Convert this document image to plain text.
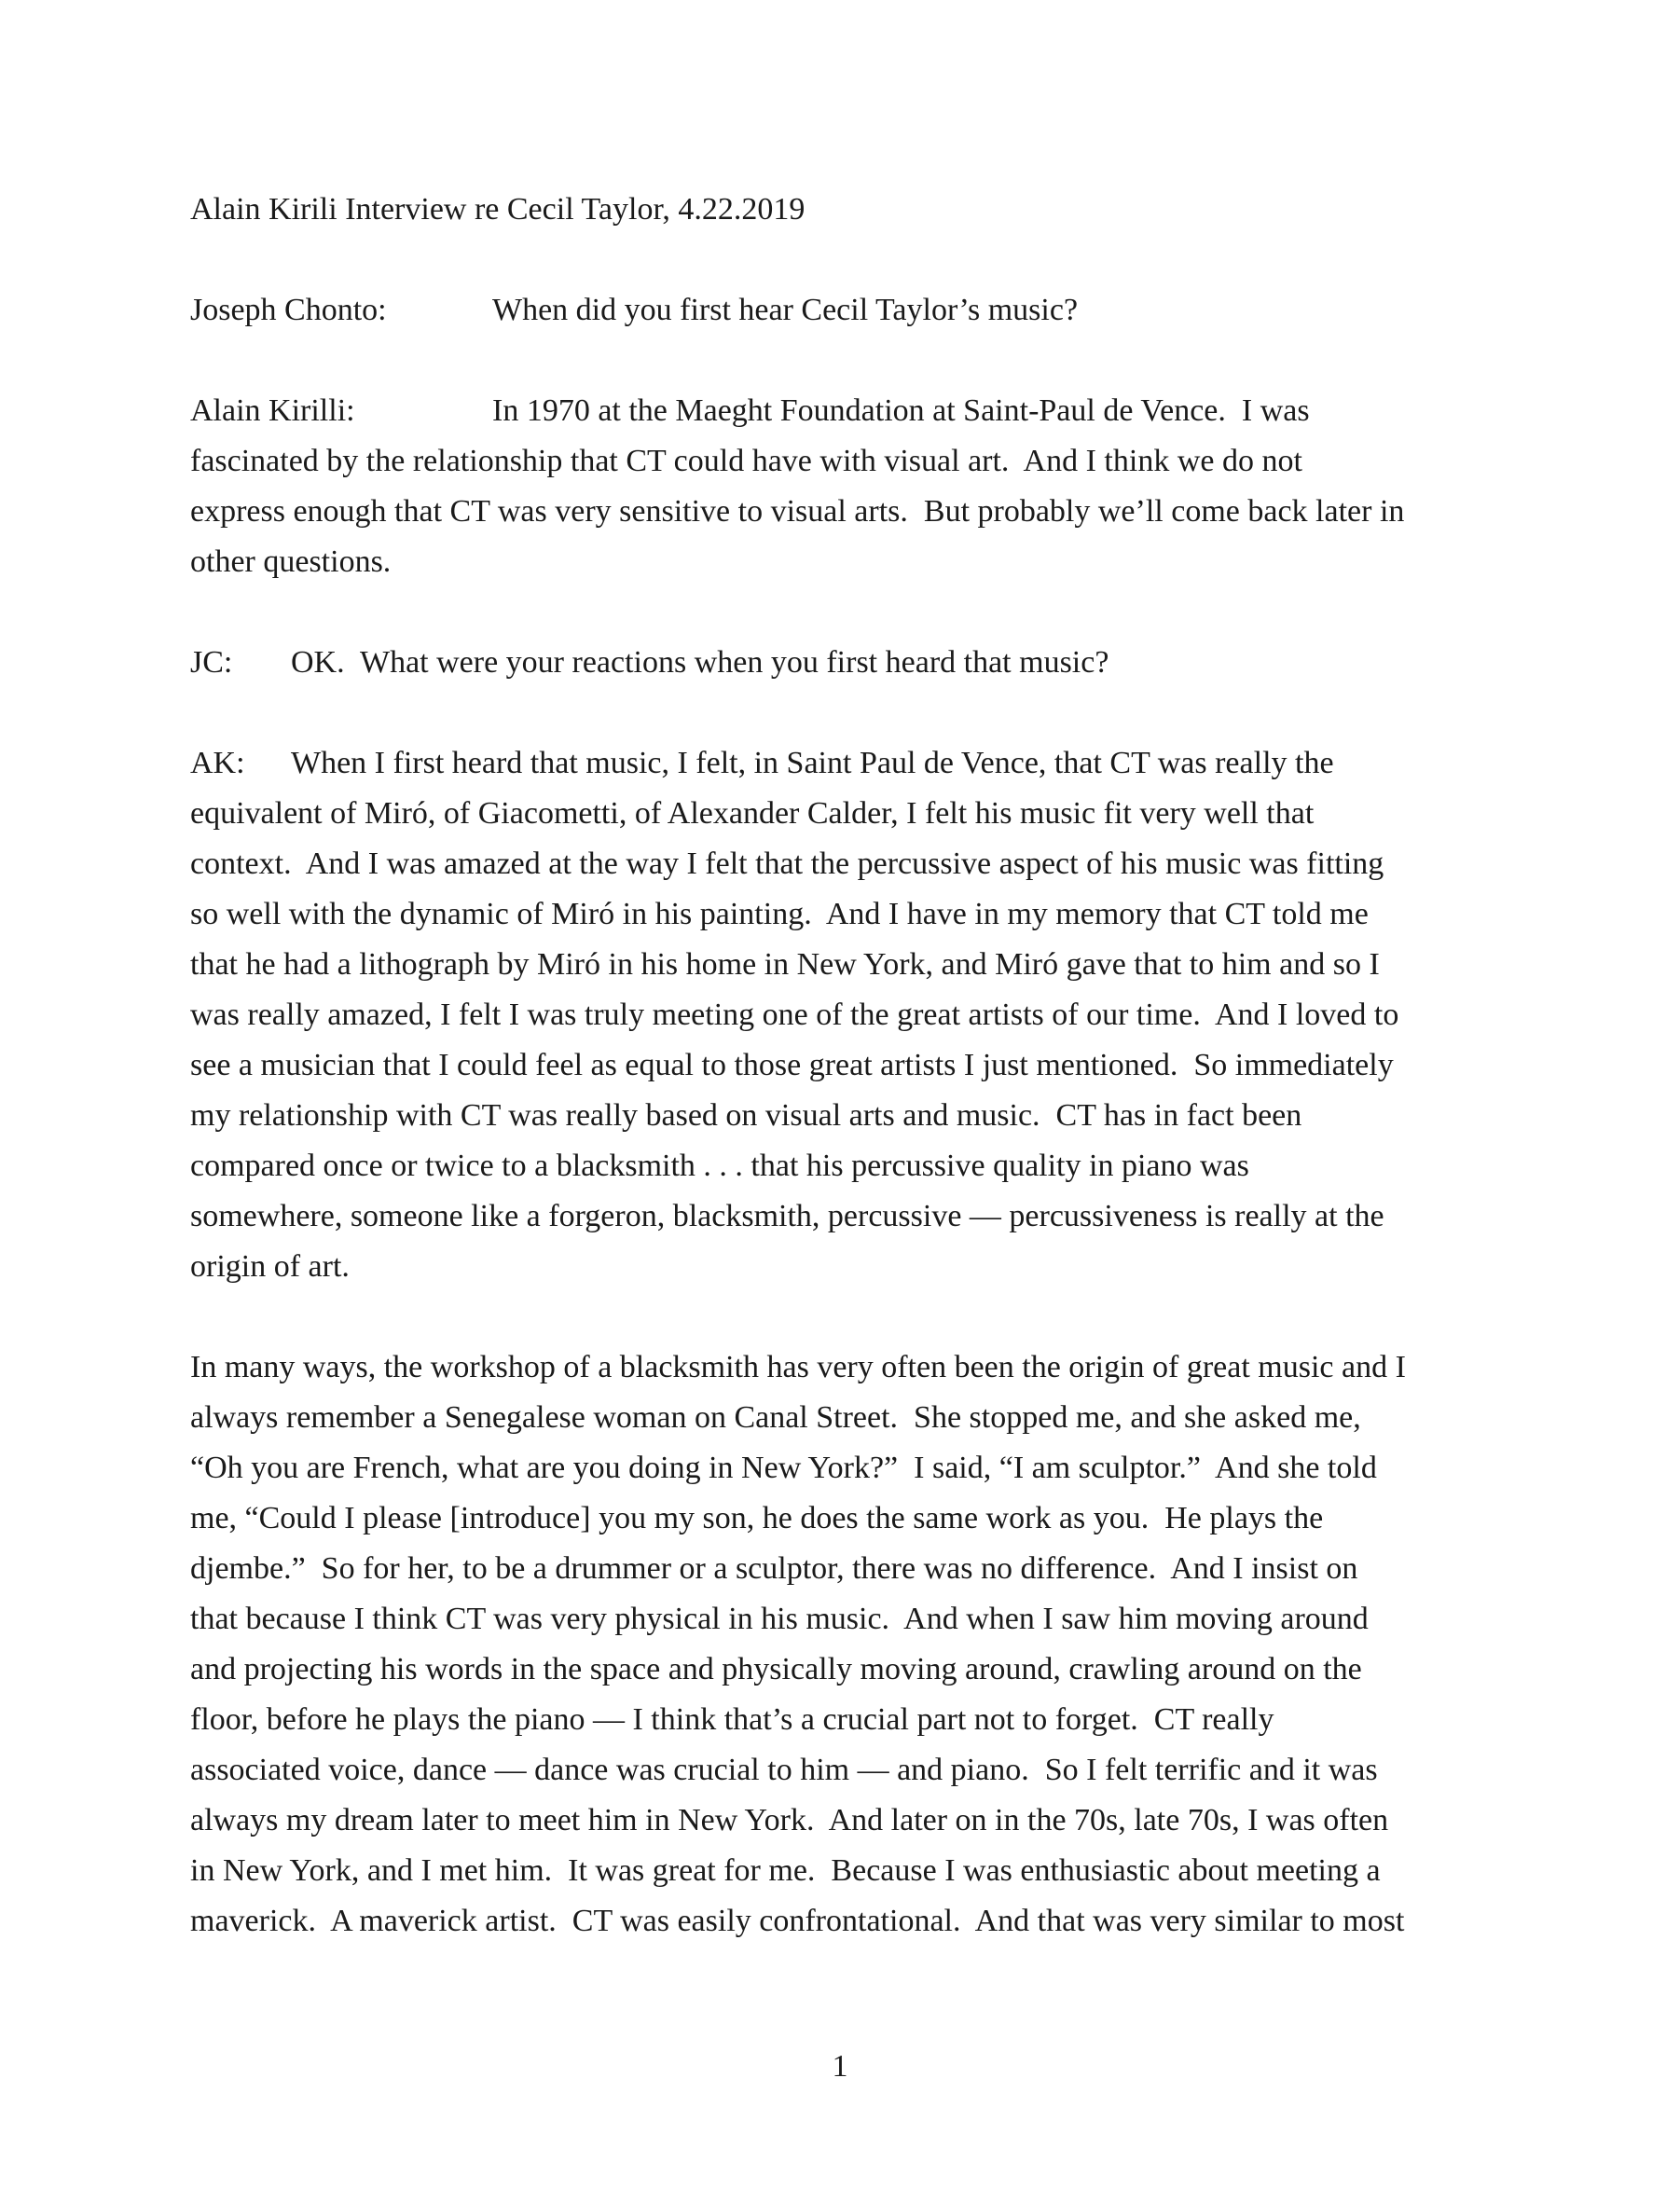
Alain Kirili Interview re Cecil Taylor, 4.22.2019
Joseph Chonto:	When did you first hear Cecil Taylor’s music?
Alain Kirilli:	In 1970 at the Maeght Foundation at Saint-Paul de Vence.  I was
fascinated by the relationship that CT could have with visual art.  And I think we do not
express enough that CT was very sensitive to visual arts.  But probably we’ll come back later in
other questions.
JC: OK.  What were your reactions when you first heard that music?
AK: When I first heard that music, I felt, in Saint Paul de Vence, that CT was really the
equivalent of Miró, of Giacometti, of Alexander Calder, I felt his music fit very well that
context.  And I was amazed at the way I felt that the percussive aspect of his music was fitting
so well with the dynamic of Miró in his painting.  And I have in my memory that CT told me
that he had a lithograph by Miró in his home in New York, and Miró gave that to him and so I
was really amazed, I felt I was truly meeting one of the great artists of our time.  And I loved to
see a musician that I could feel as equal to those great artists I just mentioned.  So immediately
my relationship with CT was really based on visual arts and music.  CT has in fact been
compared once or twice to a blacksmith . . . that his percussive quality in piano was
somewhere, someone like a forgeron, blacksmith, percussive — percussiveness is really at the
origin of art.
In many ways, the workshop of a blacksmith has very often been the origin of great music and I
always remember a Senegalese woman on Canal Street.  She stopped me, and she asked me,
“Oh you are French, what are you doing in New York?”  I said, “I am sculptor.”  And she told
me, “Could I please [introduce] you my son, he does the same work as you.  He plays the
djembe.”  So for her, to be a drummer or a sculptor, there was no difference.  And I insist on
that because I think CT was very physical in his music.  And when I saw him moving around
and projecting his words in the space and physically moving around, crawling around on the
floor, before he plays the piano — I think that’s a crucial part not to forget.  CT really
associated voice, dance — dance was crucial to him — and piano.  So I felt terrific and it was
always my dream later to meet him in New York.  And later on in the 70s, late 70s, I was often
in New York, and I met him.  It was great for me.  Because I was enthusiastic about meeting a
maverick.  A maverick artist.  CT was easily confrontational.  And that was very similar to most
1
